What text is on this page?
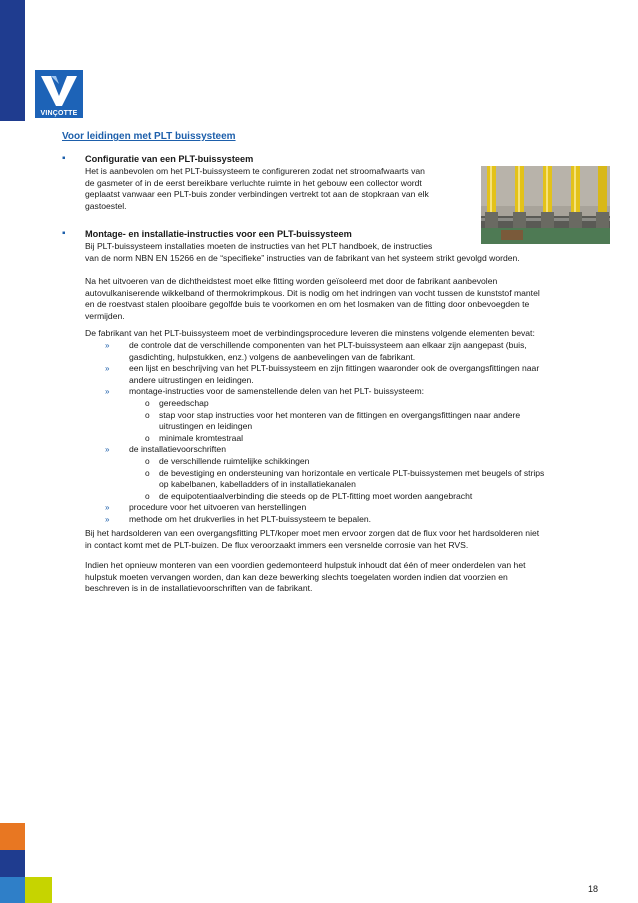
VINÇOTTE
Voor leidingen met PLT buissysteem
▪ Configuratie van een PLT-buissysteem
Het is aanbevolen om het PLT-buissysteem te configureren zodat net stroomafwaarts van
de gasmeter of in de eerst bereikbare verluchte ruimte in het gebouw een collector wordt
geplaatst vanwaar een PLT-buis zonder verbindingen vertrekt tot aan de stopkraan van elk
gastoestel.
▪ Montage- en installatie-instructies voor een PLT-buissysteem
Bij PLT-buissysteem installaties moeten de instructies van het PLT handboek, de instructies
van de norm NBN EN 15266 en de “specifieke” instructies van de fabrikant van het systeem strikt gevolgd worden.
Na het uitvoeren van de dichtheidstest moet elke fitting worden geïsoleerd met door de fabrikant aanbevolen
autovulkaniserende wikkelband of thermokrimpkous. Dit is nodig om het indringen van vocht tussen de kunststof mantel
en de roestvast stalen plooibare gegolfde buis te voorkomen en om het losmaken van de fitting door onbevoegden te
vermijden.
De fabrikant van het PLT-buissysteem moet de verbindingsprocedure leveren die minstens volgende elementen bevat:
» de controle dat de verschillende componenten van het PLT-buissysteem aan elkaar zijn aangepast (buis,
gasdichting, hulpstukken, enz.) volgens de aanbevelingen van de fabrikant.
» een lijst en beschrijving van het PLT-buissysteem en zijn fittingen waaronder ook de overgangsfittingen naar
andere uitrustingen en leidingen.
» montage-instructies voor de samenstellende delen van het PLT- buissysteem:
o gereedschap
o stap voor stap instructies voor het monteren van de fittingen en overgangsfittingen naar andere
uitrustingen en leidingen
o minimale kromtestraal
» de installatievoorschriften
o de verschillende ruimtelijke schikkingen
o de bevestiging en ondersteuning van horizontale en verticale PLT-buissystemen met beugels of strips
op kabelbanen, kabelladders of in installatiekanalen
o de equipotentiaalverbinding die steeds op de PLT-fitting moet worden aangebracht
» procedure voor het uitvoeren van herstellingen
» methode om het drukverlies in het PLT-buissysteem te bepalen.
Bij het hardsolderen van een overgangsfitting PLT/koper moet men ervoor zorgen dat de flux voor het hardsolderen niet
in contact komt met de PLT-buizen. De flux veroorzaakt immers een versnelde corrosie van het RVS.
Indien het opnieuw monteren van een voordien gedemonteerd hulpstuk inhoudt dat één of meer onderdelen van het
hulpstuk moeten vervangen worden, dan kan deze bewerking slechts toegelaten worden indien dat voorzien en
beschreven is in de installatievoorschriften van de fabrikant.
18
